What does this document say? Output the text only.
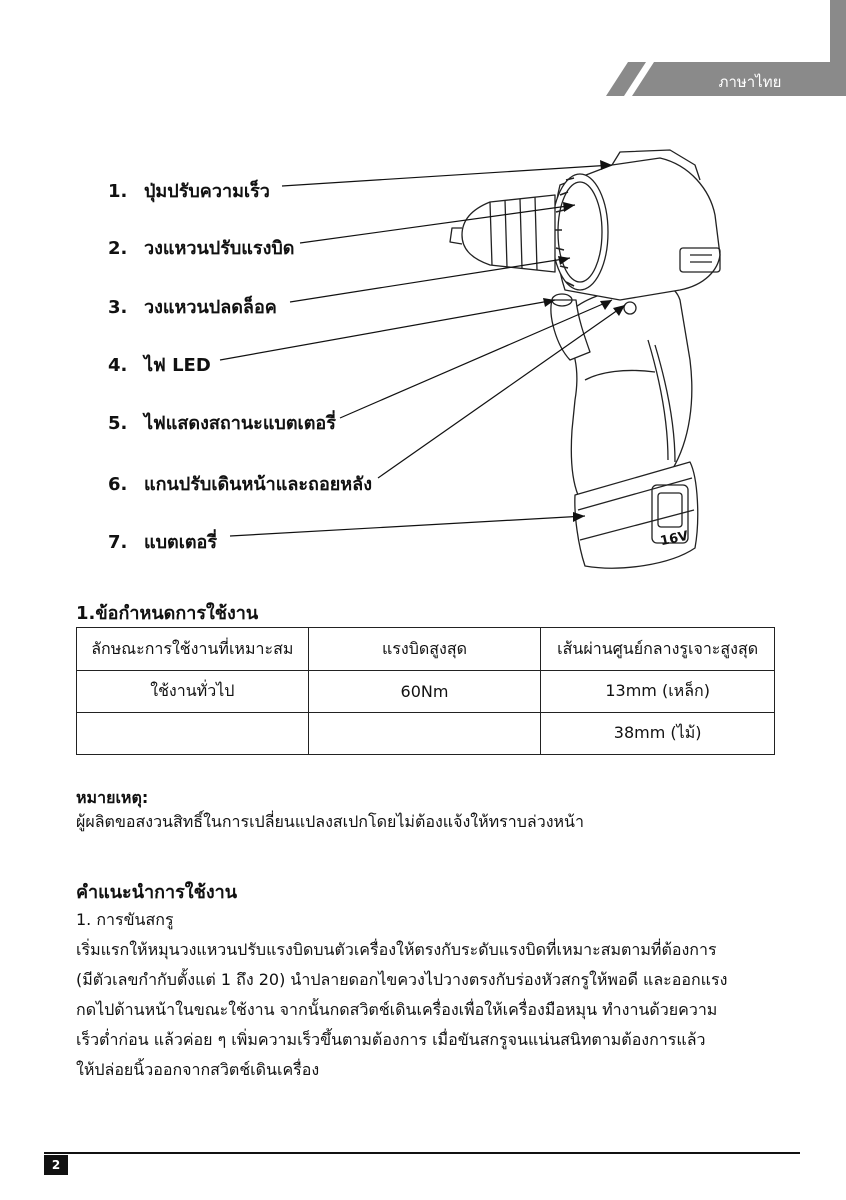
ภาษาไทย
1. ปุ่มปรับความเร็ว
2. วงแหวนปรับแรงบิด
3. วงแหวนปลดล็อค
4. ไฟ LED
5. ไฟแสดงสถานะแบตเตอรี่
6. แกนปรับเดินหน้าและถอยหลัง
7. แบตเตอรี่	16V
1.ข้อกำหนดการใช้งาน
ลักษณะการใช้งานที่เหมาะสม	แรงบิดสูงสุด	เส้นผ่านศูนย์กลางรูเจาะสูงสุด
ใช้งานทั่วไป	60Nm	13mm (เหล็ก)
		38mm (ไม้)
หมายเหตุ:
ผู้ผลิตขอสงวนสิทธิ์ในการเปลี่ยนแปลงสเปกโดยไม่ต้องแจ้งให้ทราบล่วงหน้า
คำแนะนำการใช้งาน
1. การขันสกรู
เริ่มแรกให้หมุนวงแหวนปรับแรงบิดบนตัวเครื่องให้ตรงกับระดับแรงบิดที่เหมาะสมตามที่ต้องการ
(มีตัวเลขกำกับตั้งแต่ 1 ถึง 20) นำปลายดอกไขควงไปวางตรงกับร่องหัวสกรูให้พอดี และออกแรง
กดไปด้านหน้าในขณะใช้งาน จากนั้นกดสวิตช์เดินเครื่องเพื่อให้เครื่องมือหมุน ทำงานด้วยความ
เร็วต่ำก่อน แล้วค่อย ๆ เพิ่มความเร็วขึ้นตามต้องการ เมื่อขันสกรูจนแน่นสนิทตามต้องการแล้ว
ให้ปล่อยนิ้วออกจากสวิตช์เดินเครื่อง
2
